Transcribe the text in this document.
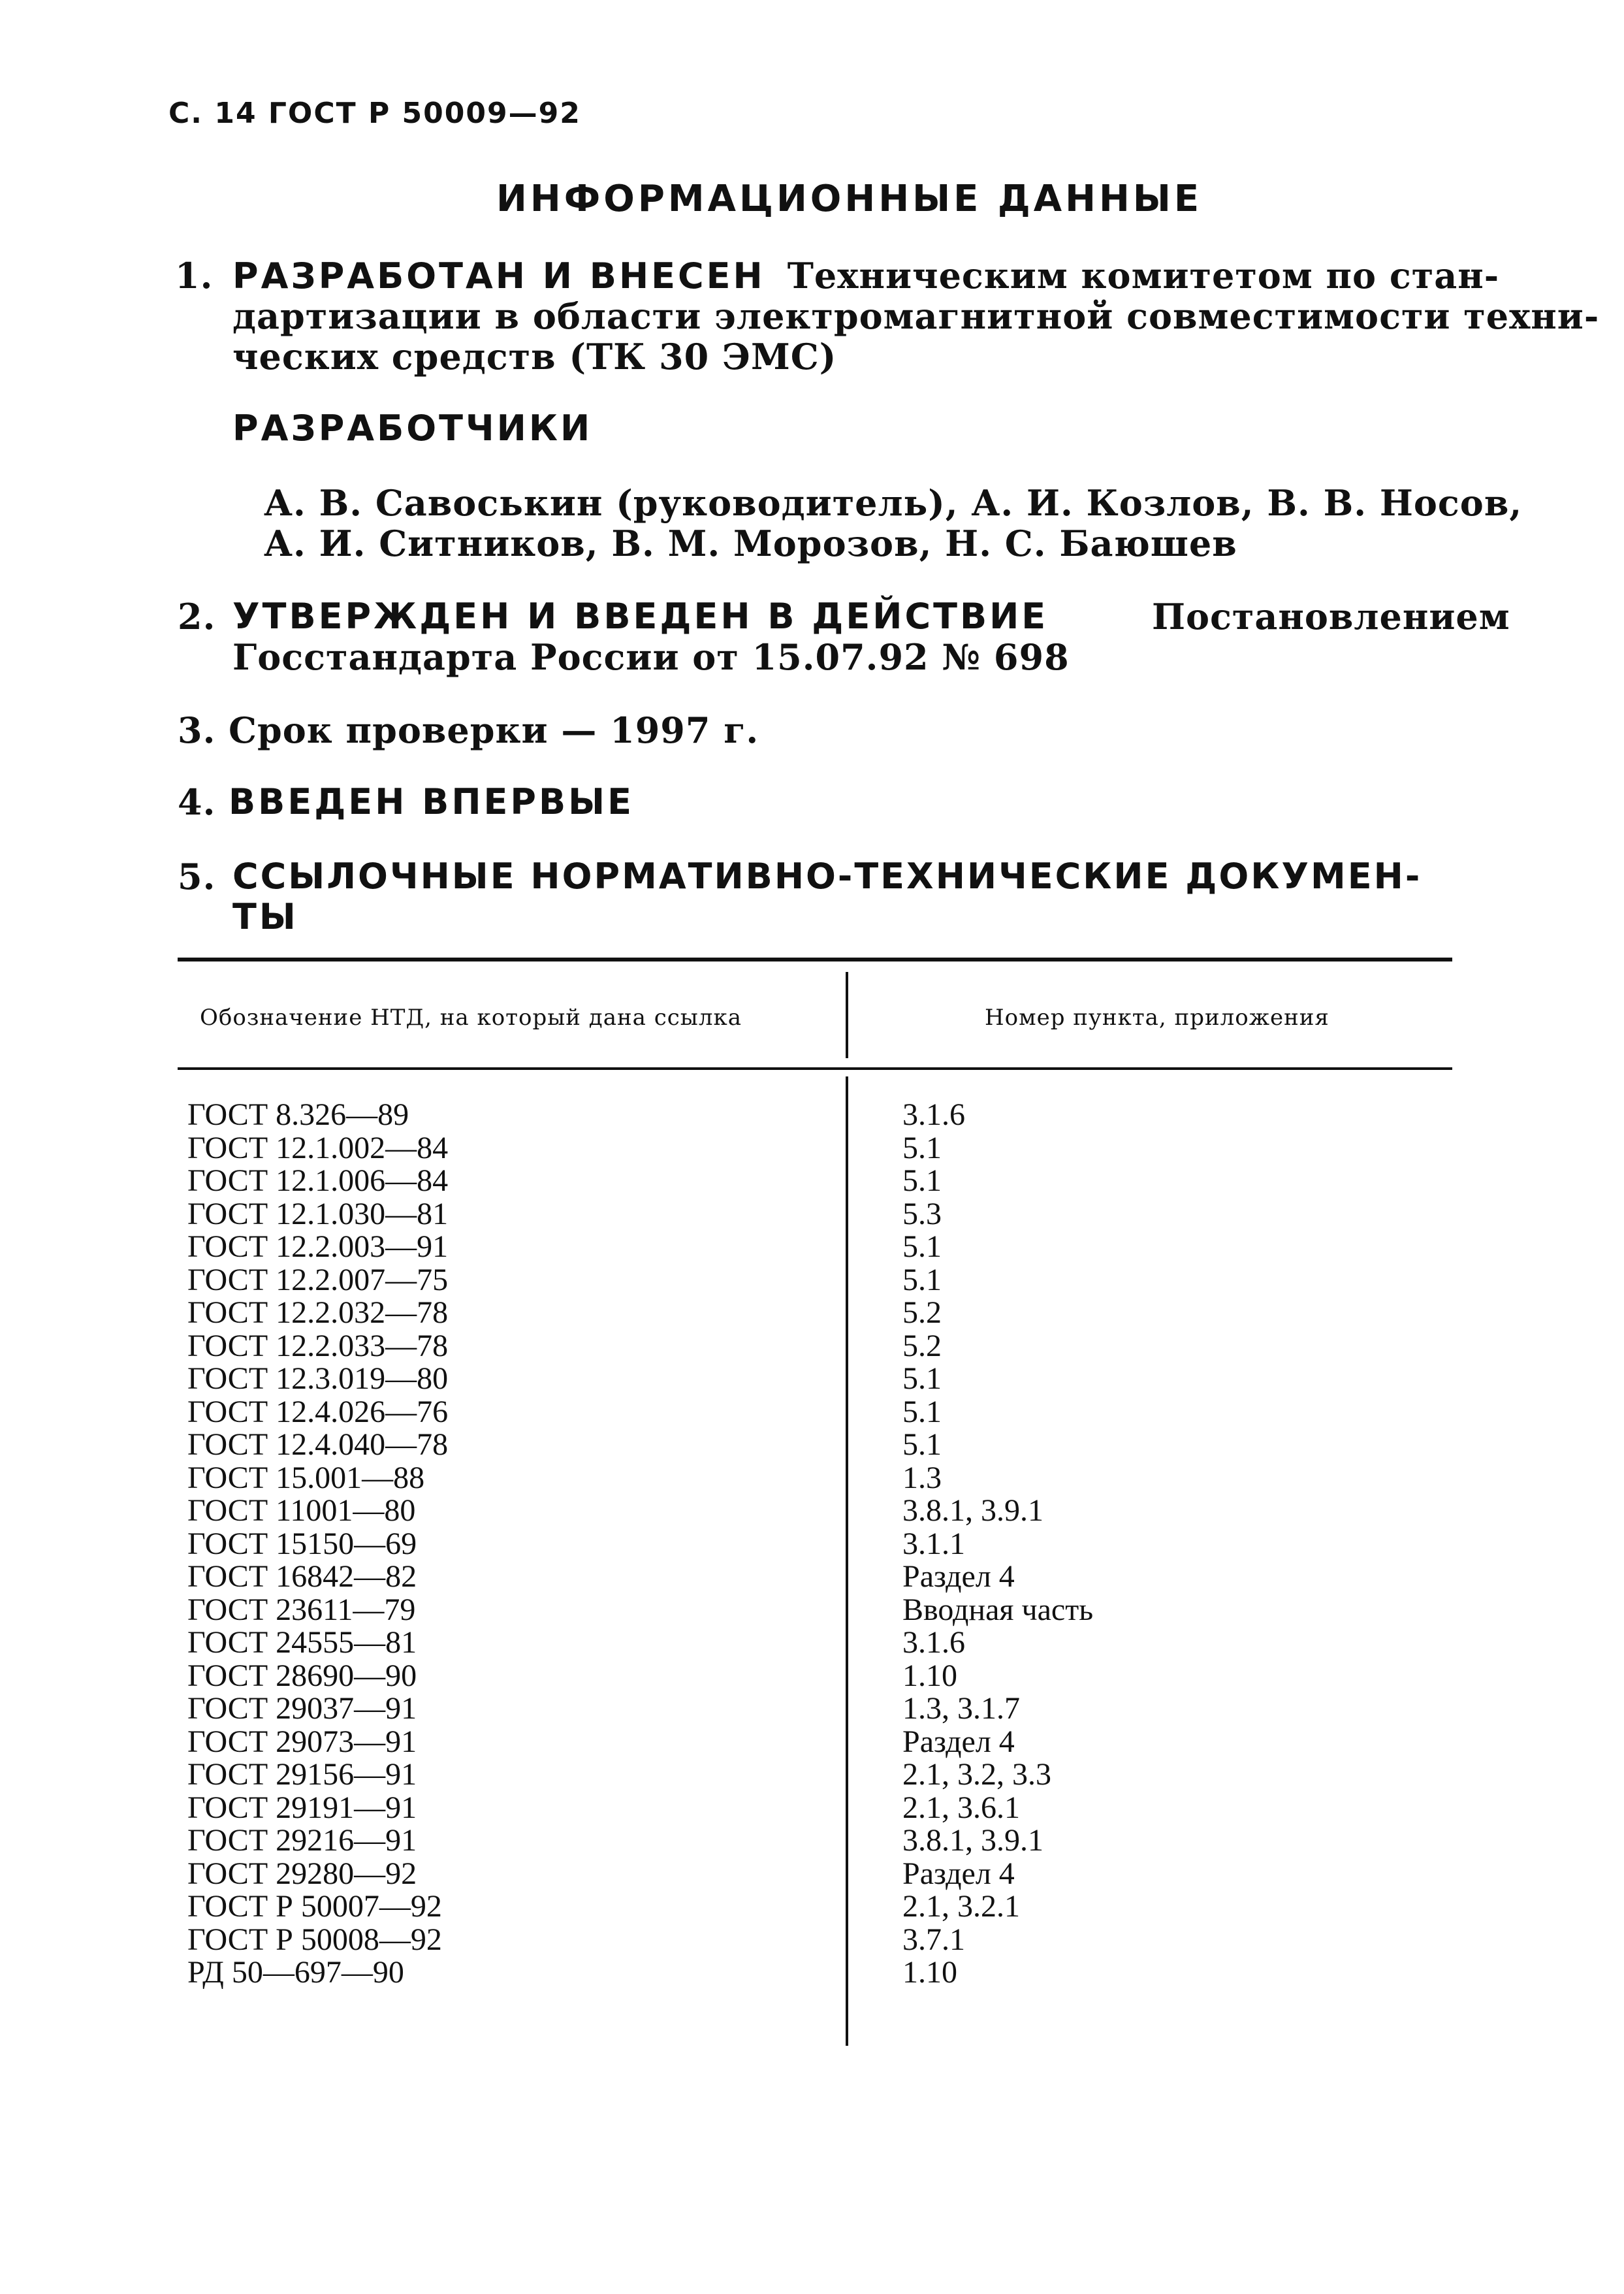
С. 14 ГОСТ Р 50009—92
ИНФОРМАЦИОННЫЕ ДАННЫЕ
1. РАЗРАБОТАН И ВНЕСЕН Техническим комитетом по стан-
дартизации в области электромагнитной совместимости техни-
ческих средств (ТК 30 ЭМС)
РАЗРАБОТЧИКИ
А. В. Савоськин (руководитель), А. И. Козлов, В. В. Носов,
А. И. Ситников, В. М. Морозов, Н. С. Баюшев
2. УТВЕРЖДЕН И ВВЕДЕН В ДЕЙСТВИЕ	Постановлением
Госстандарта России от 15.07.92 № 698
3. Срок проверки — 1997 г.
4. ВВЕДЕН ВПЕРВЫЕ
5. ССЫЛОЧНЫЕ НОРМАТИВНО-ТЕХНИЧЕСКИЕ ДОКУМЕН-
ТЫ
Обозначение НТД, на который дана ссылка	Номер пункта, приложения
ГОСТ 8.326—89	3.1.6
ГОСТ 12.1.002—84	5.1
ГОСТ 12.1.006—84	5.1
ГОСТ 12.1.030—81	5.3
ГОСТ 12.2.003—91	5.1
ГОСТ 12.2.007—75	5.1
ГОСТ 12.2.032—78	5.2
ГОСТ 12.2.033—78	5.2
ГОСТ 12.3.019—80	5.1
ГОСТ 12.4.026—76	5.1
ГОСТ 12.4.040—78	5.1
ГОСТ 15.001—88	1.3
ГОСТ 11001—80	3.8.1, 3.9.1
ГОСТ 15150—69	3.1.1
ГОСТ 16842—82	Раздел 4
ГОСТ 23611—79	Вводная часть
ГОСТ 24555—81	3.1.6
ГОСТ 28690—90	1.10
ГОСТ 29037—91	1.3, 3.1.7
ГОСТ 29073—91	Раздел 4
ГОСТ 29156—91	2.1, 3.2, 3.3
ГОСТ 29191—91	2.1, 3.6.1
ГОСТ 29216—91	3.8.1, 3.9.1
ГОСТ 29280—92	Раздел 4
ГОСТ Р 50007—92	2.1, 3.2.1
ГОСТ Р 50008—92	3.7.1
РД 50—697—90	1.10
